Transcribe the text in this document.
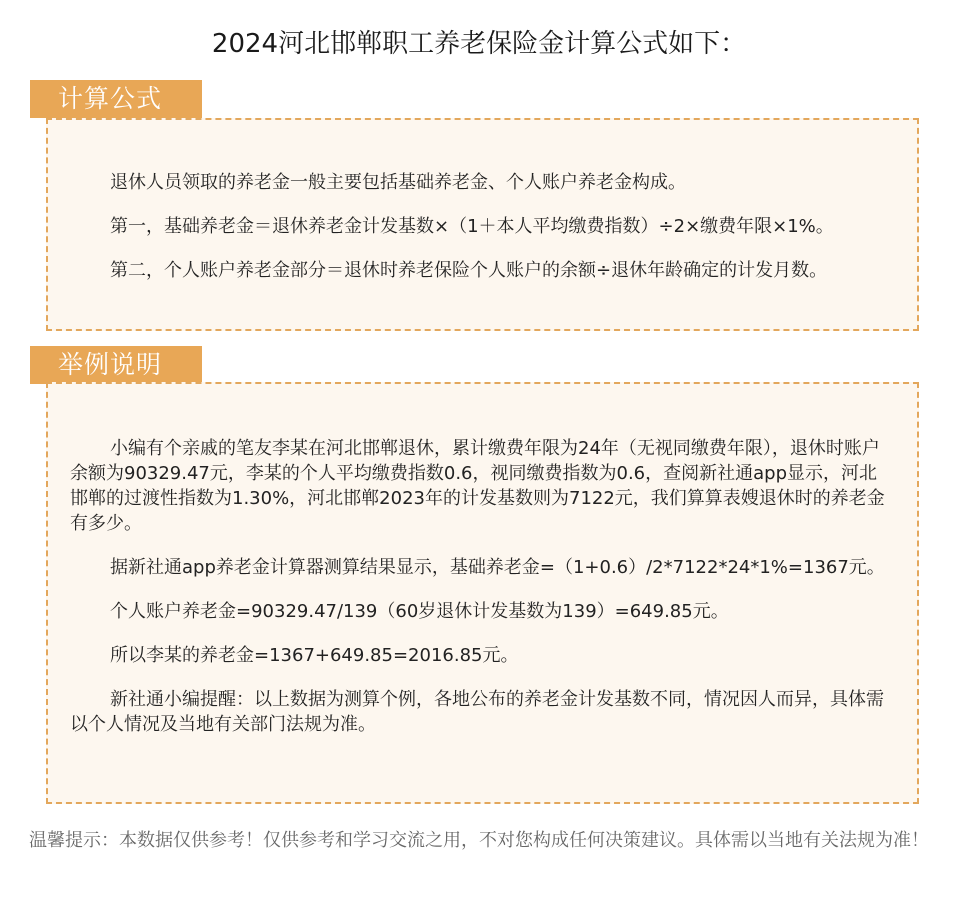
2024河北邯郸职工养老保险金计算公式如下：
计算公式

退休人员领取的养老金一般主要包括基础养老金、个人账户养老金构成。

第一，基础养老金＝退休养老金计发基数×（1＋本人平均缴费指数）÷2×缴费年限×1%。

第二，个人账户养老金部分＝退休时养老保险个人账户的余额÷退休年龄确定的计发月数。

举例说明

小编有个亲戚的笔友李某在河北邯郸退休，累计缴费年限为24年（无视同缴费年限），退休时账户余额为90329.47元，李某的个人平均缴费指数0.6，视同缴费指数为0.6，查阅新社通app显示，河北邯郸的过渡性指数为1.30%，河北邯郸2023年的计发基数则为7122元，我们算算表嫂退休时的养老金有多少。

据新社通app养老金计算器测算结果显示，基础养老金=（1+0.6）/2*7122*24*1%=1367元。

个人账户养老金=90329.47/139（60岁退休计发基数为139）=649.85元。

所以李某的养老金=1367+649.85=2016.85元。

新社通小编提醒：以上数据为测算个例，各地公布的养老金计发基数不同，情况因人而异，具体需以个人情况及当地有关部门法规为准。

温馨提示：本数据仅供参考！仅供参考和学习交流之用，不对您构成任何决策建议。具体需以当地有关法规为准！
